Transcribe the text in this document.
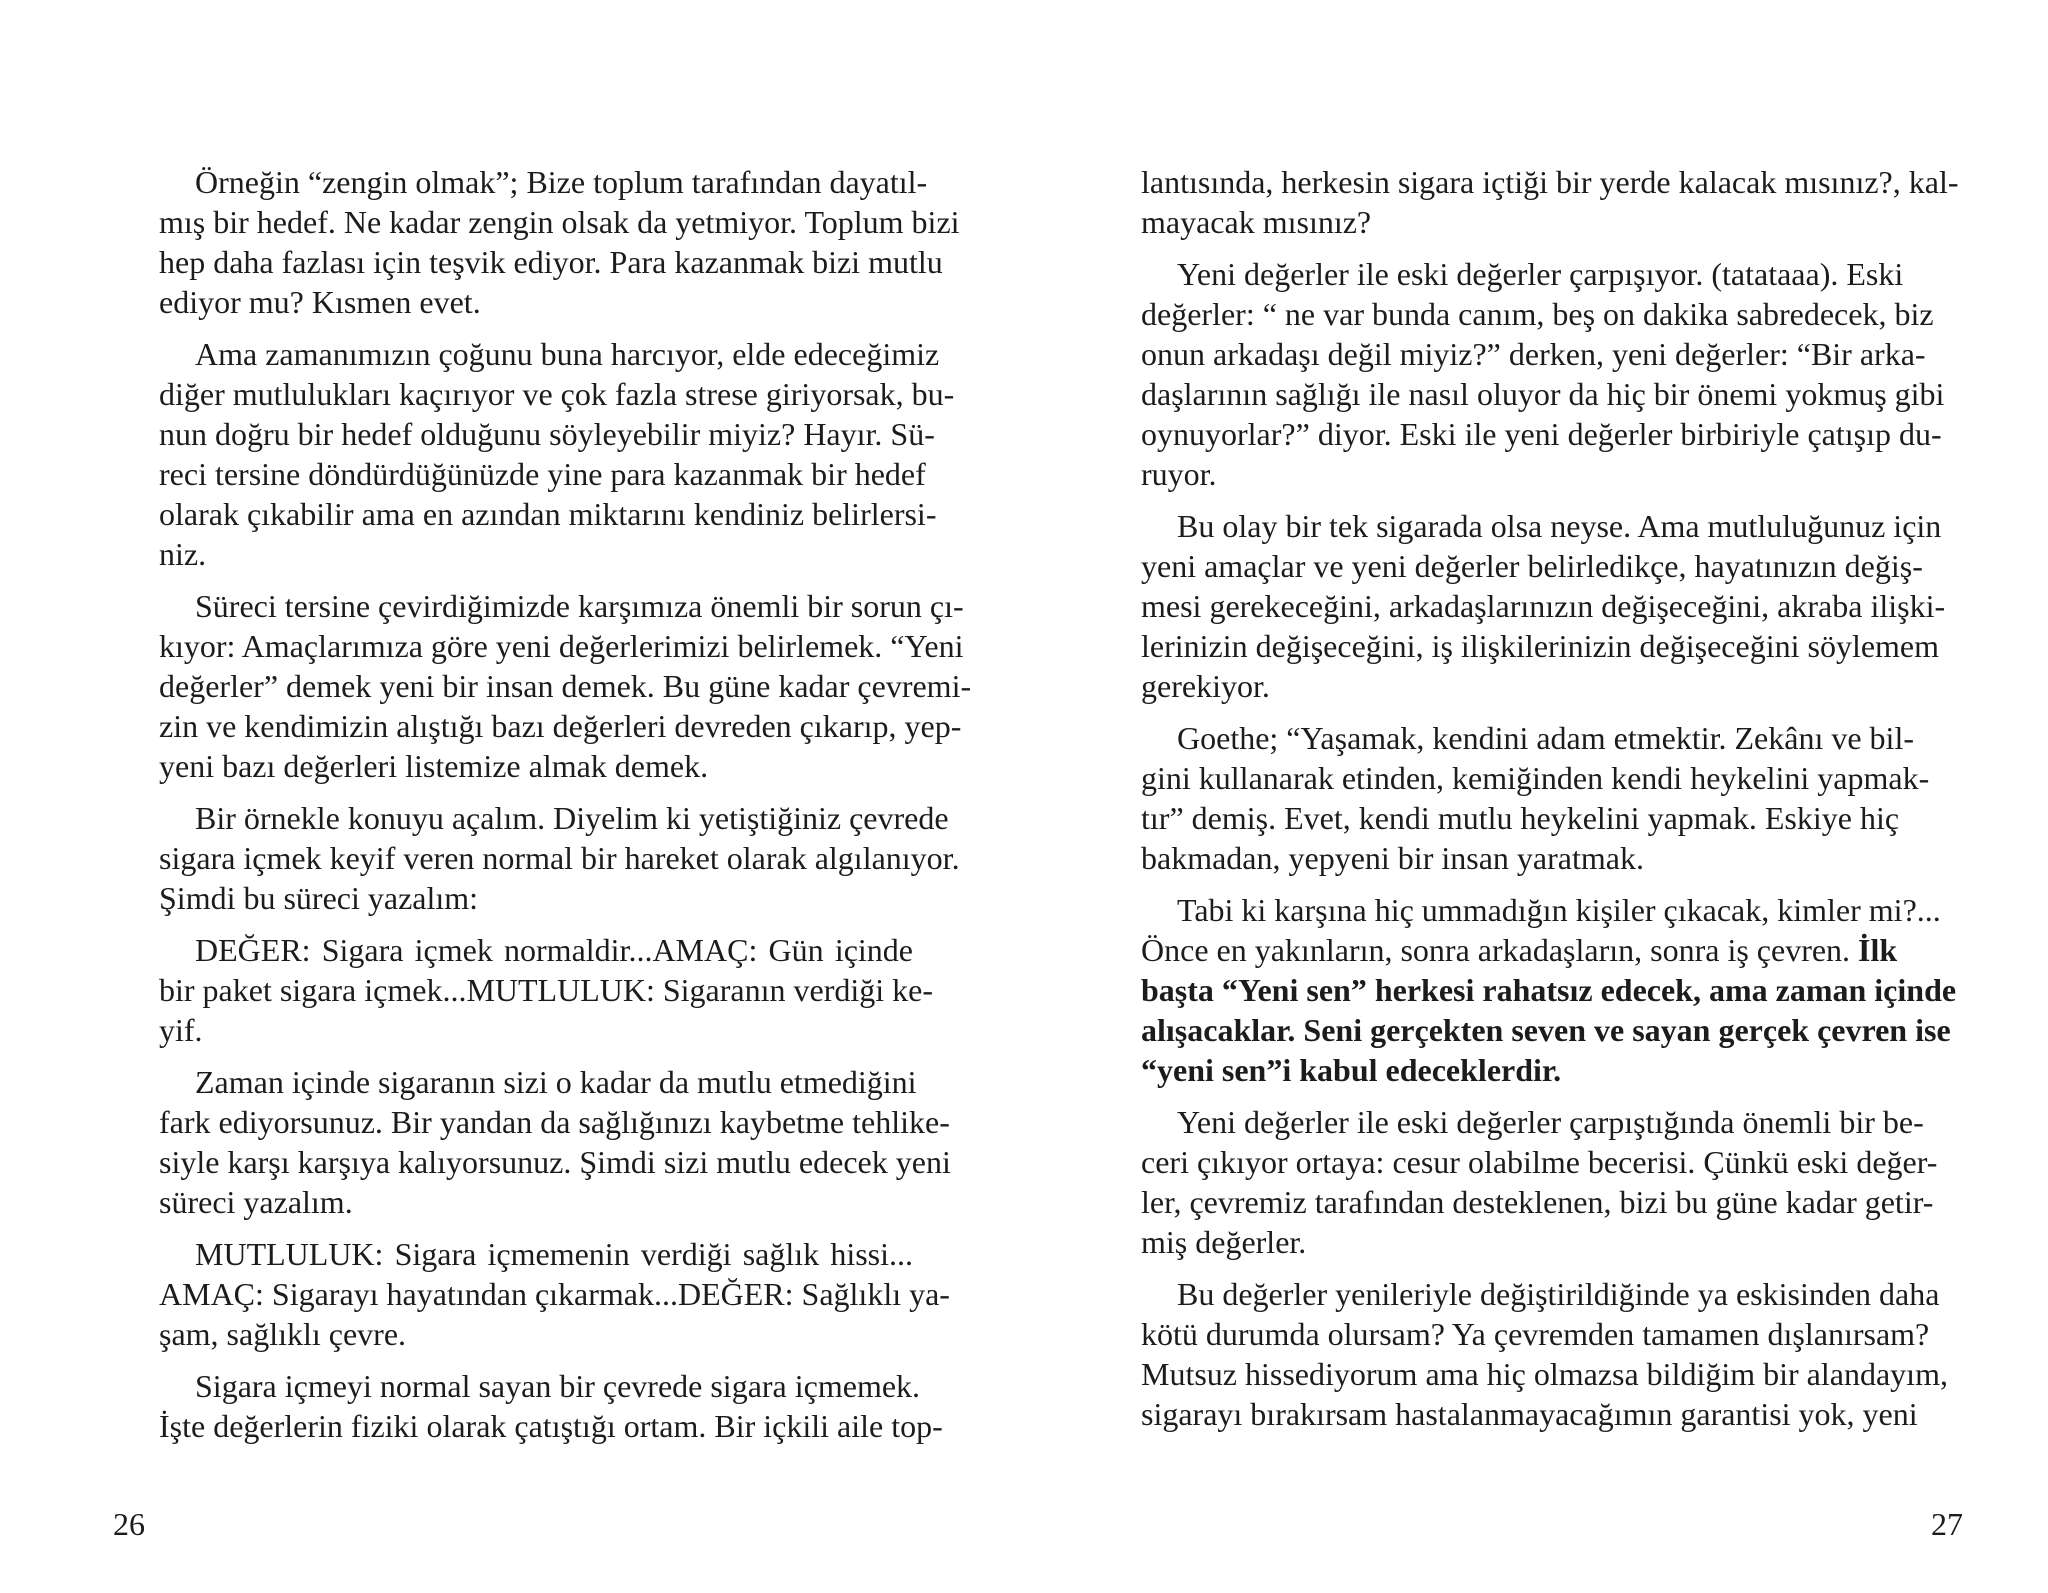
Örneğin “zengin olmak”; Bize toplum tarafından dayatıl-
mış bir hedef. Ne kadar zengin olsak da yetmiyor. Toplum bizi
hep daha fazlası için teşvik ediyor. Para kazanmak bizi mutlu
ediyor mu? Kısmen evet.
Ama zamanımızın çoğunu buna harcıyor, elde edeceğimiz
diğer mutlulukları kaçırıyor ve çok fazla strese giriyorsak, bu-
nun doğru bir hedef olduğunu söyleyebilir miyiz? Hayır. Sü-
reci tersine döndürdüğünüzde yine para kazanmak bir hedef
olarak çıkabilir ama en azından miktarını kendiniz belirlersi-
niz.
Süreci tersine çevirdiğimizde karşımıza önemli bir sorun çı-
kıyor: Amaçlarımıza göre yeni değerlerimizi belirlemek. “Yeni
değerler” demek yeni bir insan demek. Bu güne kadar çevremi-
zin ve kendimizin alıştığı bazı değerleri devreden çıkarıp, yep-
yeni bazı değerleri listemize almak demek.
Bir örnekle konuyu açalım. Diyelim ki yetiştiğiniz çevrede
sigara içmek keyif veren normal bir hareket olarak algılanıyor.
Şimdi bu süreci yazalım:
DEĞER: Sigara içmek normaldir...AMAÇ: Gün içinde
bir paket sigara içmek...MUTLULUK: Sigaranın verdiği ke-
yif.
Zaman içinde sigaranın sizi o kadar da mutlu etmediğini
fark ediyorsunuz. Bir yandan da sağlığınızı kaybetme tehlike-
siyle karşı karşıya kalıyorsunuz. Şimdi sizi mutlu edecek yeni
süreci yazalım.
MUTLULUK: Sigara içmemenin verdiği sağlık hissi...
AMAÇ: Sigarayı hayatından çıkarmak...DEĞER: Sağlıklı ya-
şam, sağlıklı çevre.
Sigara içmeyi normal sayan bir çevrede sigara içmemek.
İşte değerlerin fiziki olarak çatıştığı ortam. Bir içkili aile top-
26
lantısında, herkesin sigara içtiği bir yerde kalacak mısınız?, kal-
mayacak mısınız?
Yeni değerler ile eski değerler çarpışıyor. (tatataaa). Eski
değerler: “ ne var bunda canım, beş on dakika sabredecek, biz
onun arkadaşı değil miyiz?” derken, yeni değerler: “Bir arka-
daşlarının sağlığı ile nasıl oluyor da hiç bir önemi yokmuş gibi
oynuyorlar?” diyor. Eski ile yeni değerler birbiriyle çatışıp du-
ruyor.
Bu olay bir tek sigarada olsa neyse. Ama mutluluğunuz için
yeni amaçlar ve yeni değerler belirledikçe, hayatınızın değiş-
mesi gerekeceğini, arkadaşlarınızın değişeceğini, akraba ilişki-
lerinizin değişeceğini, iş ilişkilerinizin değişeceğini söylemem
gerekiyor.
Goethe; “Yaşamak, kendini adam etmektir. Zekânı ve bil-
gini kullanarak etinden, kemiğinden kendi heykelini yapmak-
tır” demiş. Evet, kendi mutlu heykelini yapmak. Eskiye hiç
bakmadan, yepyeni bir insan yaratmak.
Tabi ki karşına hiç ummadığın kişiler çıkacak, kimler mi?...
Önce en yakınların, sonra arkadaşların, sonra iş çevren. İlk
başta “Yeni sen” herkesi rahatsız edecek, ama zaman içinde
alışacaklar. Seni gerçekten seven ve sayan gerçek çevren ise
“yeni sen”i kabul edeceklerdir.
Yeni değerler ile eski değerler çarpıştığında önemli bir be-
ceri çıkıyor ortaya: cesur olabilme becerisi. Çünkü eski değer-
ler, çevremiz tarafından desteklenen, bizi bu güne kadar getir-
miş değerler.
Bu değerler yenileriyle değiştirildiğinde ya eskisinden daha
kötü durumda olursam? Ya çevremden tamamen dışlanırsam?
Mutsuz hissediyorum ama hiç olmazsa bildiğim bir alandayım,
sigarayı bırakırsam hastalanmayacağımın garantisi yok, yeni
27
